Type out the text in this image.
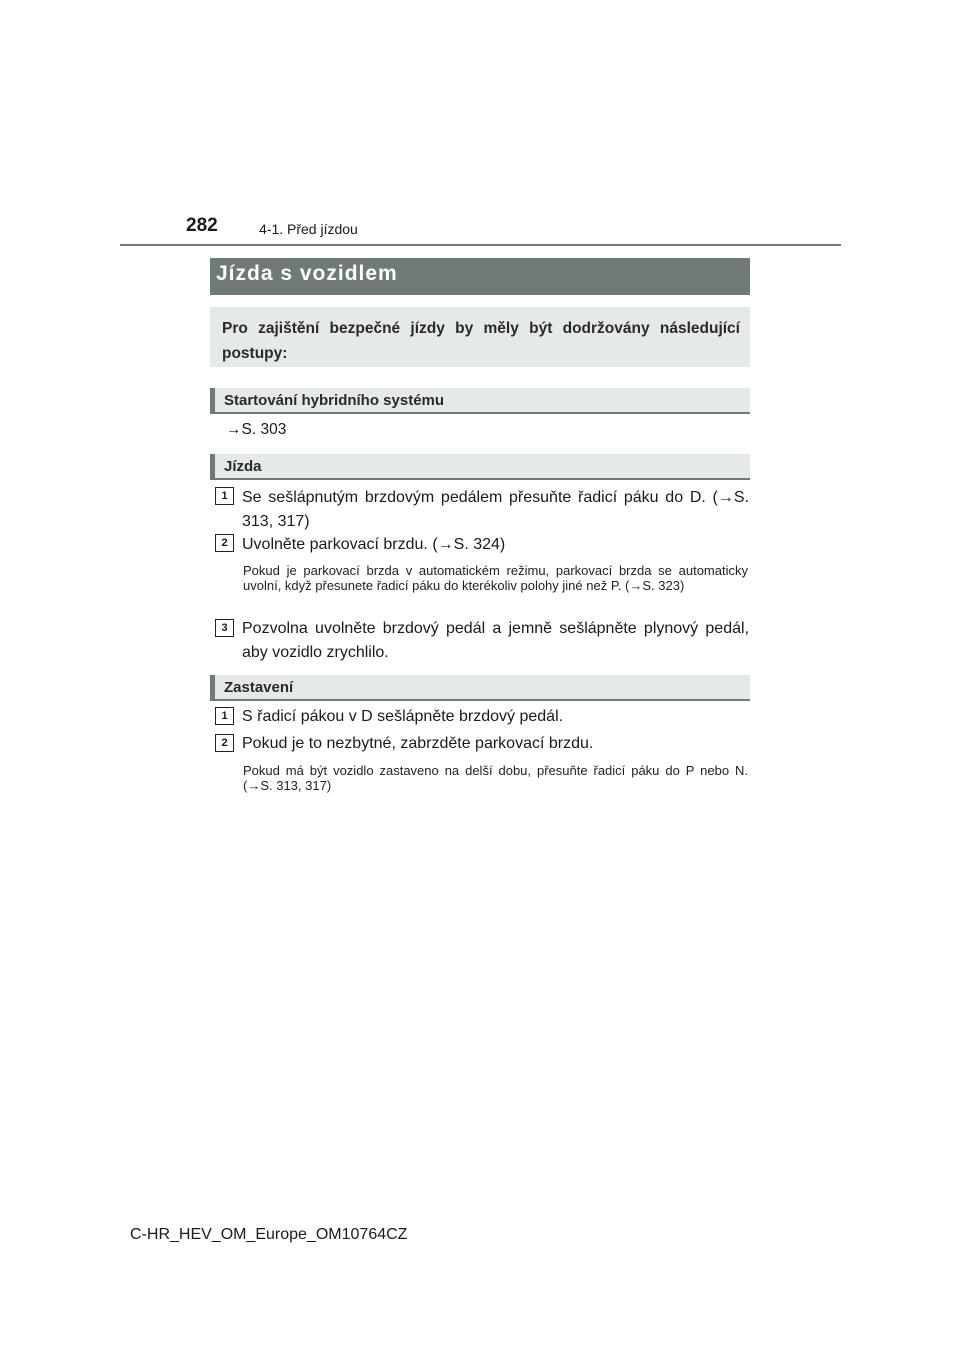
282	4-1. Před jízdou
Jízda s vozidlem
Pro zajištění bezpečné jízdy by měly být dodržovány následující postupy:
Startování hybridního systému
→S. 303
Jízda
1 Se sešlápnutým brzdovým pedálem přesuňte řadicí páku do D. (→S. 313, 317)
2 Uvolněte parkovací brzdu. (→S. 324)
Pokud je parkovací brzda v automatickém režimu, parkovací brzda se automaticky uvolní, když přesunete řadicí páku do kterékoliv polohy jiné než P. (→S. 323)
3 Pozvolna uvolněte brzdový pedál a jemně sešlápněte plynový pedál, aby vozidlo zrychlilo.
Zastavení
1 S řadicí pákou v D sešlápněte brzdový pedál.
2 Pokud je to nezbytné, zabrzděte parkovací brzdu.
Pokud má být vozidlo zastaveno na delší dobu, přesuňte řadicí páku do P nebo N. (→S. 313, 317)
C-HR_HEV_OM_Europe_OM10764CZ
